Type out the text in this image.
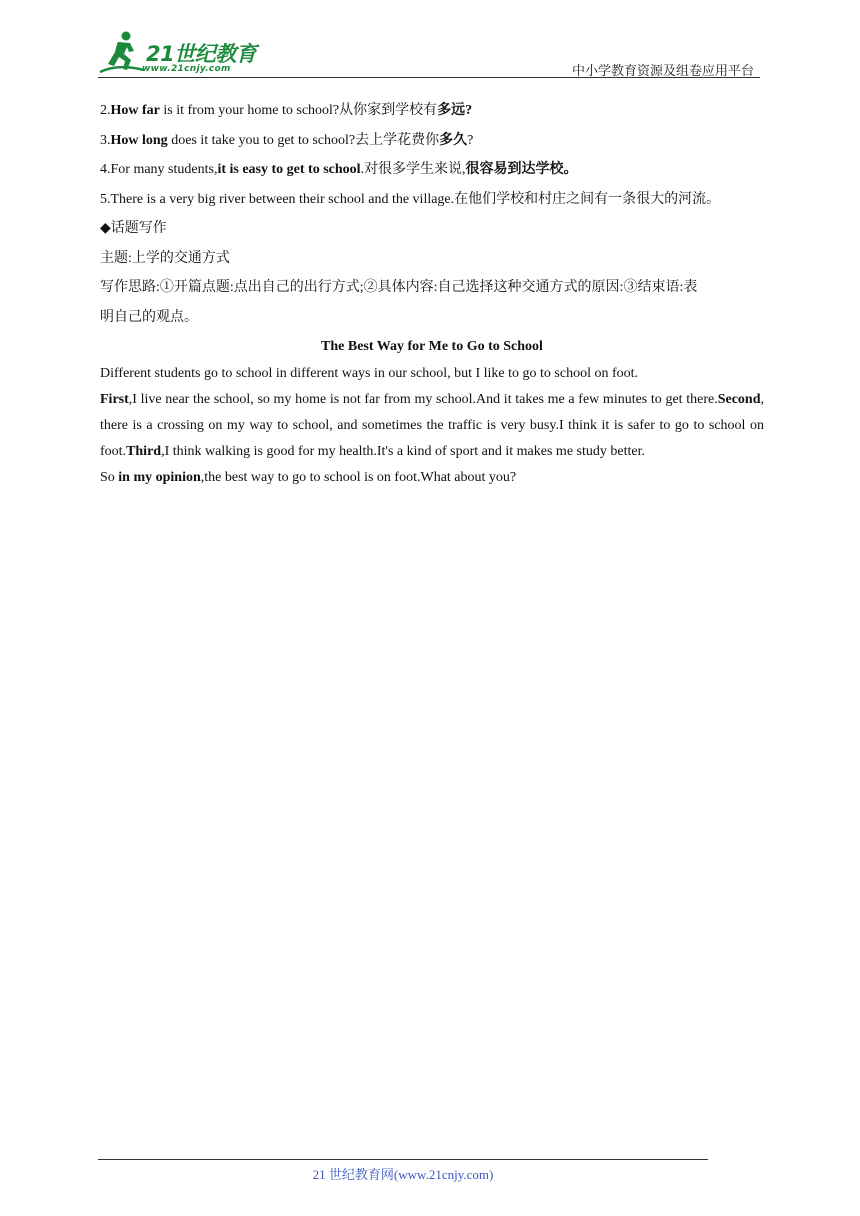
21世纪教育
www.21cnjy.com	中小学教育资源及组卷应用平台
2.How far is it from your home to school?从你家到学校有多远?
3.How long does it take you to get to school?去上学花费你多久?
4.For many students,it is easy to get to school.对很多学生来说,很容易到达学校。
5.There is a very big river between their school and the village.在他们学校和村庄之间有一条很大的河流。
◆话题写作
主题:上学的交通方式
写作思路:①开篇点题:点出自己的出行方式;②具体内容:自己选择这种交通方式的原因:③结束语:表
明自己的观点。
The Best Way for Me to Go to School

Different students go to school in different ways in our school, but I like to go to school on foot.

First,I live near the school, so my home is not far from my school.And it takes me a few minutes to get there.Second, there is a crossing on my way to school, and sometimes the traffic is very busy.I think it is safer to go to school on foot.Third,I think walking is good for my health.It's a kind of sport and it makes me study better.

So in my opinion,the best way to go to school is on foot.What about you?

21 世纪教育网(www.21cnjy.com)
